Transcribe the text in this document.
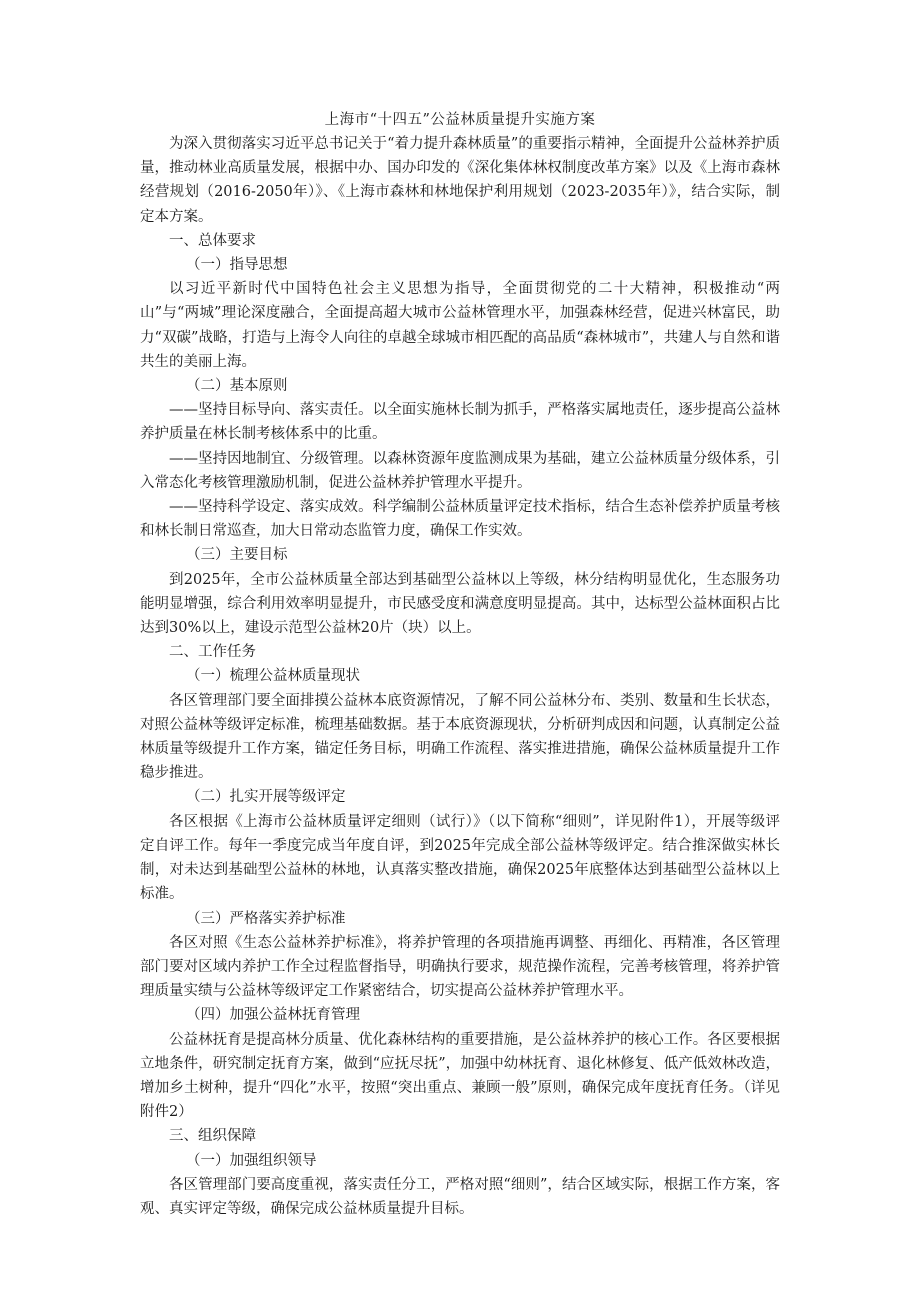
上海市“十四五”公益林质量提升实施方案

为深入贯彻落实习近平总书记关于“着力提升森林质量”的重要指示精神，全面提升公益林养护质量，推动林业高质量发展，根据中办、国办印发的《深化集体林权制度改革方案》以及《上海市森林经营规划（2016-2050年）》、《上海市森林和林地保护利用规划（2023-2035年）》，结合实际，制定本方案。

一、总体要求

（一）指导思想

以习近平新时代中国特色社会主义思想为指导，全面贯彻党的二十大精神，积极推动“两山”与“两城”理论深度融合，全面提高超大城市公益林管理水平，加强森林经营，促进兴林富民，助力“双碳”战略，打造与上海令人向往的卓越全球城市相匹配的高品质“森林城市”，共建人与自然和谐共生的美丽上海。

（二）基本原则

——坚持目标导向、落实责任。以全面实施林长制为抓手，严格落实属地责任，逐步提高公益林养护质量在林长制考核体系中的比重。

——坚持因地制宜、分级管理。以森林资源年度监测成果为基础，建立公益林质量分级体系，引入常态化考核管理激励机制，促进公益林养护管理水平提升。

——坚持科学设定、落实成效。科学编制公益林质量评定技术指标，结合生态补偿养护质量考核和林长制日常巡查，加大日常动态监管力度，确保工作实效。

（三）主要目标

到2025年，全市公益林质量全部达到基础型公益林以上等级，林分结构明显优化，生态服务功能明显增强，综合利用效率明显提升，市民感受度和满意度明显提高。其中，达标型公益林面积占比达到30%以上，建设示范型公益林20片（块）以上。

二、工作任务

（一）梳理公益林质量现状

各区管理部门要全面排摸公益林本底资源情况，了解不同公益林分布、类别、数量和生长状态，对照公益林等级评定标准，梳理基础数据。基于本底资源现状，分析研判成因和问题，认真制定公益林质量等级提升工作方案，锚定任务目标，明确工作流程、落实推进措施，确保公益林质量提升工作稳步推进。

（二）扎实开展等级评定

各区根据《上海市公益林质量评定细则（试行）》（以下简称“细则”，详见附件1），开展等级评定自评工作。每年一季度完成当年度自评，到2025年完成全部公益林等级评定。结合推深做实林长制，对未达到基础型公益林的林地，认真落实整改措施，确保2025年底整体达到基础型公益林以上标准。

（三）严格落实养护标准

各区对照《生态公益林养护标准》，将养护管理的各项措施再调整、再细化、再精准，各区管理部门要对区域内养护工作全过程监督指导，明确执行要求，规范操作流程，完善考核管理，将养护管理质量实绩与公益林等级评定工作紧密结合，切实提高公益林养护管理水平。

（四）加强公益林抚育管理

公益林抚育是提高林分质量、优化森林结构的重要措施，是公益林养护的核心工作。各区要根据立地条件，研究制定抚育方案，做到“应抚尽抚”，加强中幼林抚育、退化林修复、低产低效林改造，增加乡土树种，提升“四化”水平，按照“突出重点、兼顾一般”原则，确保完成年度抚育任务。（详见附件2）

三、组织保障

（一）加强组织领导

各区管理部门要高度重视，落实责任分工，严格对照“细则”，结合区域实际，根据工作方案，客观、真实评定等级，确保完成公益林质量提升目标。
